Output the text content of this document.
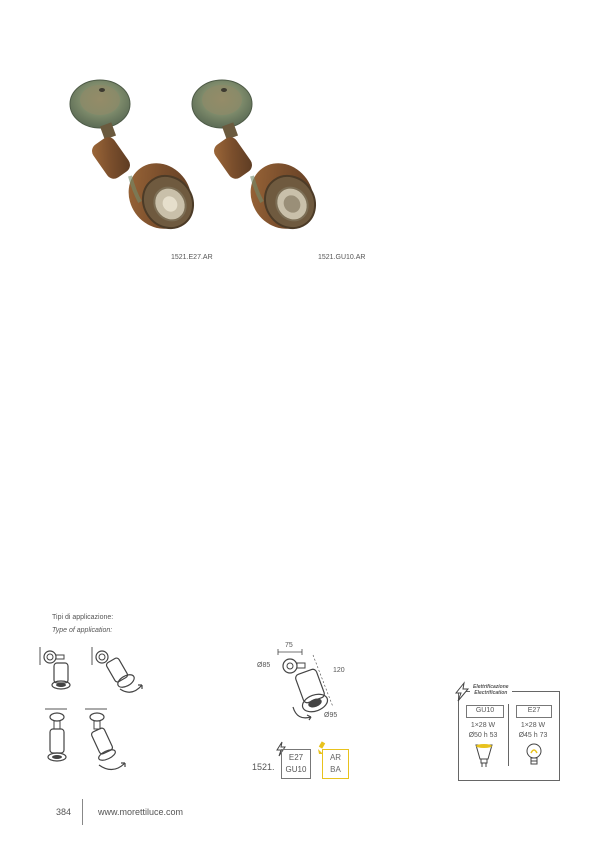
1521.E27.AR	1521.GU10.AR
Tipi di applicazione:
Type of application:
75
Ø85
120
Ø95
1521.
E27
GU10
AR
BA
Elettrificazione
Electrification
GU10
1×28 W
Ø50 h 53
E27
1×28 W
Ø45 h 73
384	www.morettiluce.com
